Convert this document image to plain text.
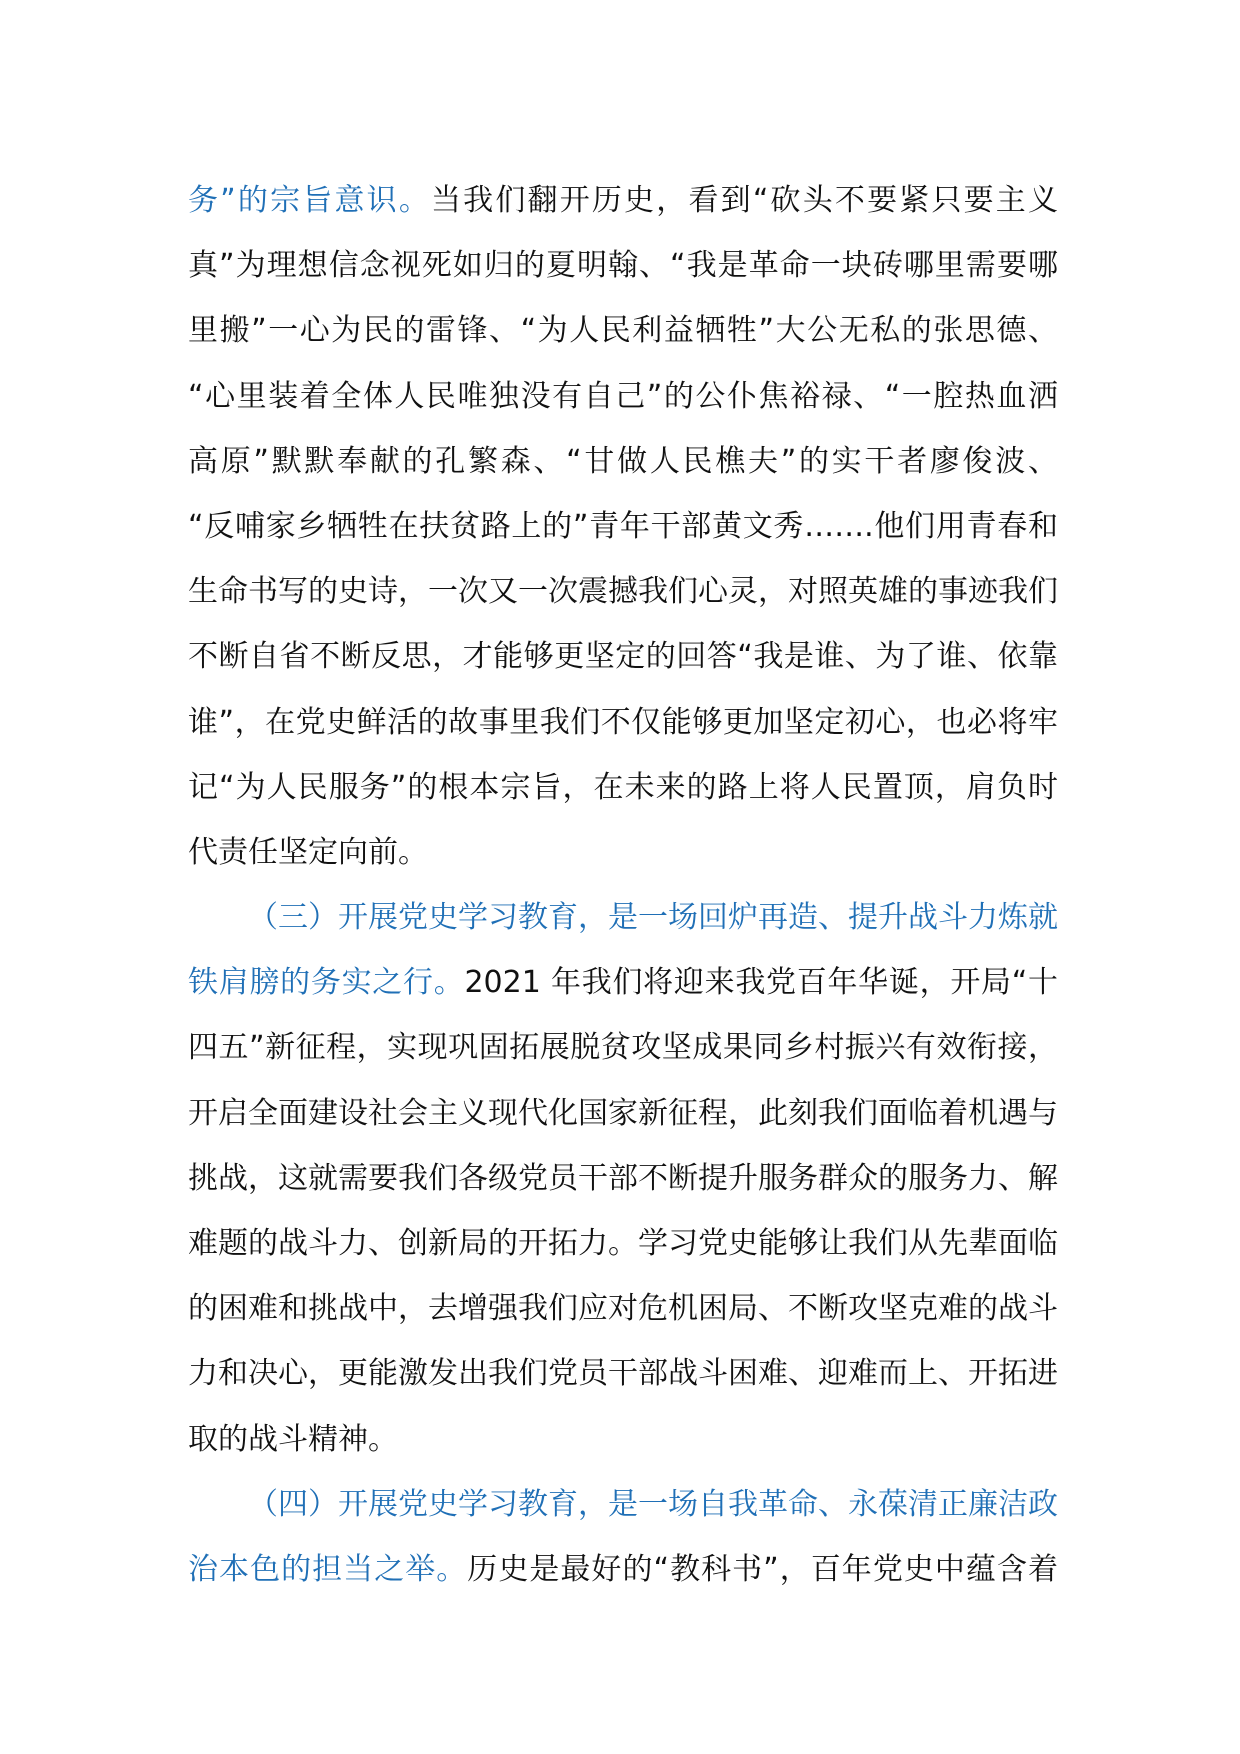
务”的宗旨意识。当我们翻开历史，看到“砍头不要紧只要主义
真”为理想信念视死如归的夏明翰、“我是革命一块砖哪里需要哪
里搬”一心为民的雷锋、“为人民利益牺牲”大公无私的张思德、
“心里装着全体人民唯独没有自己”的公仆焦裕禄、“一腔热血洒
高原”默默奉献的孔繁森、“甘做人民樵夫”的实干者廖俊波、
“反哺家乡牺牲在扶贫路上的”青年干部黄文秀…….他们用青春和
生命书写的史诗，一次又一次震撼我们心灵，对照英雄的事迹我们
不断自省不断反思，才能够更坚定的回答“我是谁、为了谁、依靠
谁”，在党史鲜活的故事里我们不仅能够更加坚定初心，也必将牢
记“为人民服务”的根本宗旨，在未来的路上将人民置顶，肩负时
代责任坚定向前。
（三）开展党史学习教育，是一场回炉再造、提升战斗力炼就
铁肩膀的务实之行。2021 年我们将迎来我党百年华诞，开局“十
四五”新征程，实现巩固拓展脱贫攻坚成果同乡村振兴有效衔接，
开启全面建设社会主义现代化国家新征程，此刻我们面临着机遇与
挑战，这就需要我们各级党员干部不断提升服务群众的服务力、解
难题的战斗力、创新局的开拓力。学习党史能够让我们从先辈面临
的困难和挑战中，去增强我们应对危机困局、不断攻坚克难的战斗
力和决心，更能激发出我们党员干部战斗困难、迎难而上、开拓进
取的战斗精神。
（四）开展党史学习教育，是一场自我革命、永葆清正廉洁政
治本色的担当之举。历史是最好的“教科书”，百年党史中蕴含着
